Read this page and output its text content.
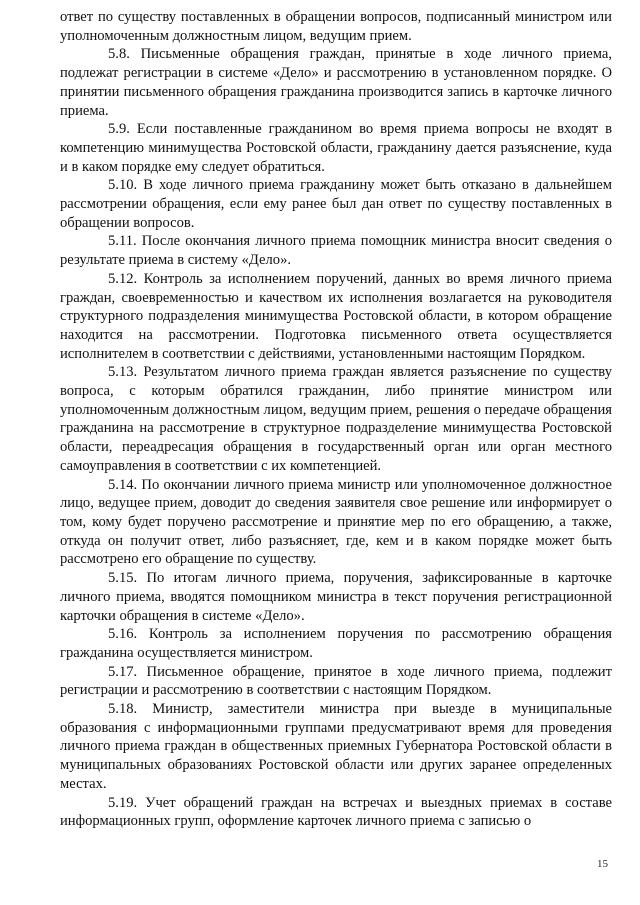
ответ по существу поставленных в обращении вопросов, подписанный министром или уполномоченным должностным лицом, ведущим прием.

5.8. Письменные обращения граждан, принятые в ходе личного приема, подлежат регистрации в системе «Дело» и рассмотрению в установленном порядке. О принятии письменного обращения гражданина производится запись в карточке личного приема.

5.9. Если поставленные гражданином во время приема вопросы не входят в компетенцию минимущества Ростовской области, гражданину дается разъяснение, куда и в каком порядке ему следует обратиться.

5.10. В ходе личного приема гражданину может быть отказано в дальнейшем рассмотрении обращения, если ему ранее был дан ответ по существу поставленных в обращении вопросов.

5.11. После окончания личного приема помощник министра вносит сведения о результате приема в систему «Дело».

5.12. Контроль за исполнением поручений, данных во время личного приема граждан, своевременностью и качеством их исполнения возлагается на руководителя структурного подразделения минимущества Ростовской области, в котором обращение находится на рассмотрении. Подготовка письменного ответа осуществляется исполнителем в соответствии с действиями, установленными настоящим Порядком.

5.13. Результатом личного приема граждан является разъяснение по существу вопроса, с которым обратился гражданин, либо принятие министром или уполномоченным должностным лицом, ведущим прием, решения о передаче обращения гражданина на рассмотрение в структурное подразделение минимущества Ростовской области, переадресация обращения в государственный орган или орган местного самоуправления в соответствии с их компетенцией.

5.14. По окончании личного приема министр или уполномоченное должностное лицо, ведущее прием, доводит до сведения заявителя свое решение или информирует о том, кому будет поручено рассмотрение и принятие мер по его обращению, а также, откуда он получит ответ, либо разъясняет, где, кем и в каком порядке может быть рассмотрено его обращение по существу.

5.15. По итогам личного приема, поручения, зафиксированные в карточке личного приема, вводятся помощником министра в текст поручения регистрационной карточки обращения в системе «Дело».

5.16. Контроль за исполнением поручения по рассмотрению обращения гражданина осуществляется министром.

5.17. Письменное обращение, принятое в ходе личного приема, подлежит регистрации и рассмотрению в соответствии с настоящим Порядком.

5.18. Министр, заместители министра при выезде в муниципальные образования с информационными группами предусматривают время для проведения личного приема граждан в общественных приемных Губернатора Ростовской области в муниципальных образованиях Ростовской области или других заранее определенных местах.

5.19. Учет обращений граждан на встречах и выездных приемах в составе информационных групп, оформление карточек личного приема с записью о

15
